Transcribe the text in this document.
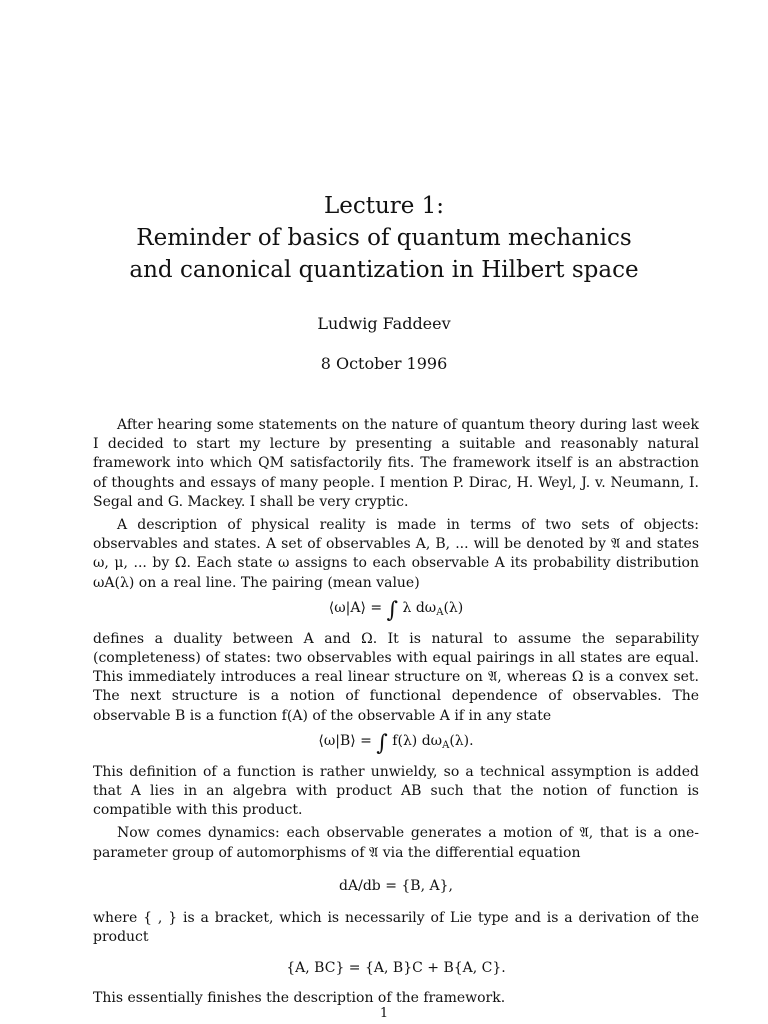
Lecture 1:
Reminder of basics of quantum mechanics
and canonical quantization in Hilbert space
Ludwig Faddeev
8 October 1996

After hearing some statements on the nature of quantum theory during last week I decided to start my lecture by presenting a suitable and reasonably natural framework into which QM satisfactorily fits. The framework itself is an abstraction of thoughts and essays of many people. I mention P. Dirac, H. Weyl, J. v. Neumann, I. Segal and G. Mackey. I shall be very cryptic.

A description of physical reality is made in terms of two sets of objects: observables and states. A set of observables A, B, ... will be denoted by 𝔄 and states ω, μ, ... by Ω. Each state ω assigns to each observable A its probability distribution ωA(λ) on a real line. The pairing (mean value)

⟨ω|A⟩ = ∫ λ $d\omega_A(\lambda)$

defines a duality between A and Ω. It is natural to assume the separability (completeness) of states: two observables with equal pairings in all states are equal. This immediately introduces a real linear structure on 𝔄, whereas Ω is a convex set. The next structure is a notion of functional dependence of observables. The observable B is a function f(A) of the observable A if in any state

⟨ω|B⟩ = ∫ f(λ) $d\omega_A(\lambda)$.

This definition of a function is rather unwieldy, so a technical assymption is added that A lies in an algebra with product AB such that the notion of function is compatible with this product.

Now comes dynamics: each observable generates a motion of 𝔄, that is a one-parameter group of automorphisms of 𝔄 via the differential equation

dA/db = {B, A},

where { , } is a bracket, which is necessarily of Lie type and is a derivation of the product

{A, BC} = {A, B}C + B{A, C}.

This essentially finishes the description of the framework.

1
